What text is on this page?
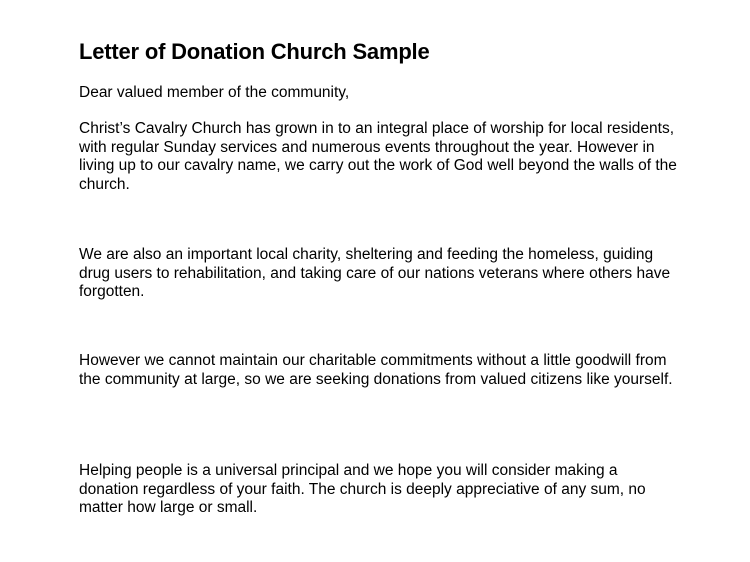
Letter of Donation Church Sample

Dear valued member of the community,

Christ’s Cavalry Church has grown in to an integral place of worship for local residents, with regular Sunday services and numerous events throughout the year. However in living up to our cavalry name, we carry out the work of God well beyond the walls of the church.

We are also an important local charity, sheltering and feeding the homeless, guiding drug users to rehabilitation, and taking care of our nations veterans where others have forgotten.

However we cannot maintain our charitable commitments without a little goodwill from the community at large, so we are seeking donations from valued citizens like yourself.

Helping people is a universal principal and we hope you will consider making a donation regardless of your faith. The church is deeply appreciative of any sum, no matter how large or small.
